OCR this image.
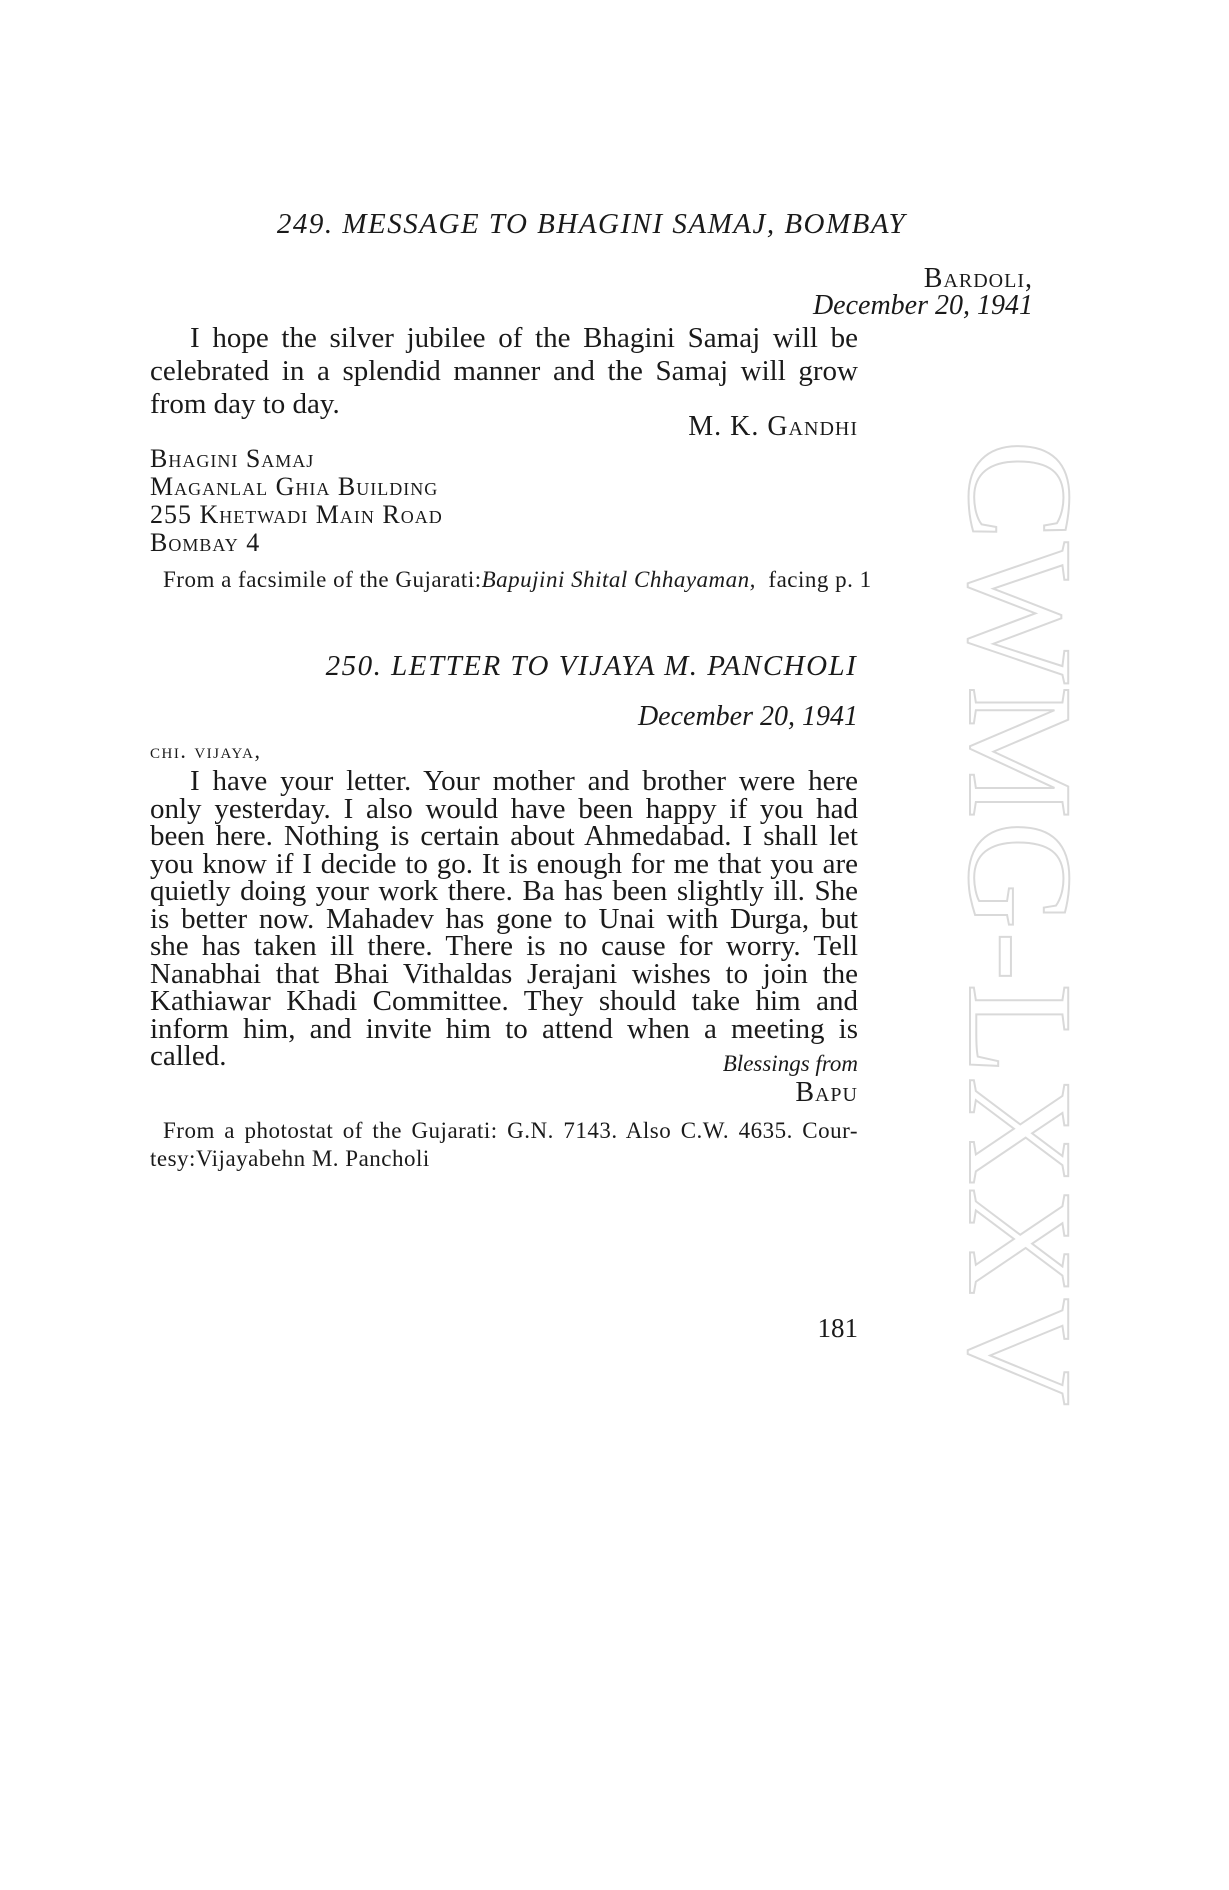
CWMG-LXXV
249. MESSAGE TO BHAGINI SAMAJ, BOMBAY
Bardoli,
December 20, 1941
I hope the silver jubilee of the Bhagini Samaj will be celebrated in a splendid manner and the Samaj will grow from day to day.
M. K. Gandhi
Bhagini Samaj
Maganlal Ghia Building
255 Khetwadi Main Road
Bombay 4
From a facsimile of the Gujarati:Bapujini Shital Chhayaman, facing p. 1
250. LETTER TO VIJAYA M. PANCHOLI
December 20, 1941
chi. vijaya,
I have your letter. Your mother and brother were here only yesterday. I also would have been happy if you had been here. Nothing is certain about Ahmedabad. I shall let you know if I decide to go. It is enough for me that you are quietly doing your work there. Ba has been slightly ill. She is better now. Mahadev has gone to Unai with Durga, but she has taken ill there. There is no cause for worry. Tell Nanabhai that Bhai Vithaldas Jerajani wishes to join the Kathiawar Khadi Committee. They should take him and inform him, and invite him to attend when a meeting is called.	Blessings from
Bapu
From a photostat of the Gujarati: G.N. 7143. Also C.W. 4635. Cour-
tesy:Vijayabehn M. Pancholi
181
